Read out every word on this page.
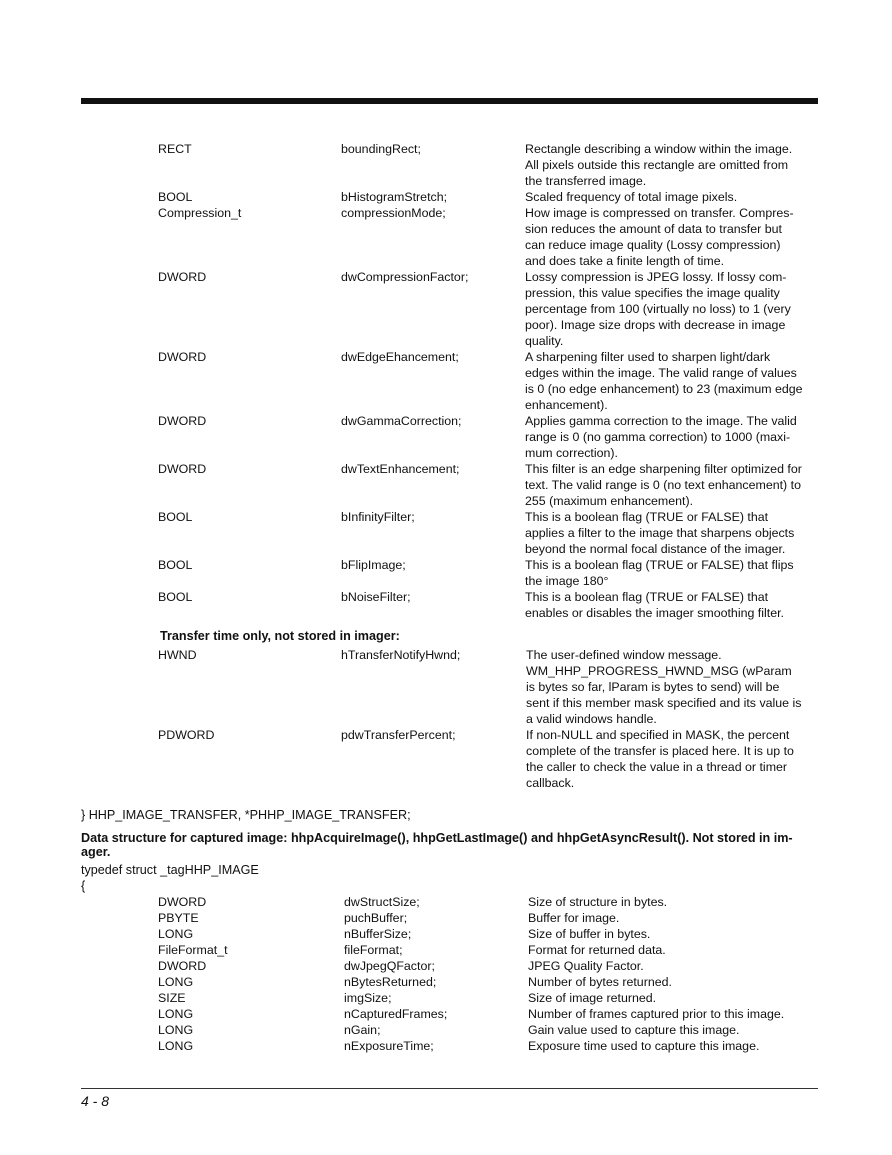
RECT	boundingRect;	Rectangle describing a window within the image.
All pixels outside this rectangle are omitted from
the transferred image.
BOOL	bHistogramStretch;	Scaled frequency of total image pixels.
Compression_t	compressionMode;	How image is compressed on transfer. Compres-
sion reduces the amount of data to transfer but
can reduce image quality (Lossy compression)
and does take a finite length of time.
DWORD	dwCompressionFactor;	Lossy compression is JPEG lossy. If lossy com-
pression, this value specifies the image quality
percentage from 100 (virtually no loss) to 1 (very
poor). Image size drops with decrease in image
quality.
DWORD	dwEdgeEhancement;	A sharpening filter used to sharpen light/dark
edges within the image. The valid range of values
is 0 (no edge enhancement) to 23 (maximum edge
enhancement).
DWORD	dwGammaCorrection;	Applies gamma correction to the image. The valid
range is 0 (no gamma correction) to 1000 (maxi-
mum correction).
DWORD	dwTextEnhancement;	This filter is an edge sharpening filter optimized for
text. The valid range is 0 (no text enhancement) to
255 (maximum enhancement).
BOOL	bInfinityFilter;	This is a boolean flag (TRUE or FALSE) that
applies a filter to the image that sharpens objects
beyond the normal focal distance of the imager.
BOOL	bFlipImage;	This is a boolean flag (TRUE or FALSE) that flips
the image 180°
BOOL	bNoiseFilter;	This is a boolean flag (TRUE or FALSE) that
enables or disables the imager smoothing filter.
Transfer time only, not stored in imager:
HWND	hTransferNotifyHwnd;	The user-defined window message.
WM_HHP_PROGRESS_HWND_MSG (wParam
is bytes so far, lParam is bytes to send) will be
sent if this member mask specified and its value is
a valid windows handle.
PDWORD	pdwTransferPercent;	If non-NULL and specified in MASK, the percent
complete of the transfer is placed here. It is up to
the caller to check the value in a thread or timer
callback.
} HHP_IMAGE_TRANSFER, *PHHP_IMAGE_TRANSFER;
Data structure for captured image: hhpAcquireImage(), hhpGetLastImage() and hhpGetAsyncResult(). Not stored in im-
ager.
typedef struct _tagHHP_IMAGE
{
DWORD	dwStructSize;	Size of structure in bytes.
PBYTE	puchBuffer;	Buffer for image.
LONG	nBufferSize;	Size of buffer in bytes.
FileFormat_t	fileFormat;	Format for returned data.
DWORD	dwJpegQFactor;	JPEG Quality Factor.
LONG	nBytesReturned;	Number of bytes returned.
SIZE	imgSize;	Size of image returned.
LONG	nCapturedFrames;	Number of frames captured prior to this image.
LONG	nGain;	Gain value used to capture this image.
LONG	nExposureTime;	Exposure time used to capture this image.
4 - 8
